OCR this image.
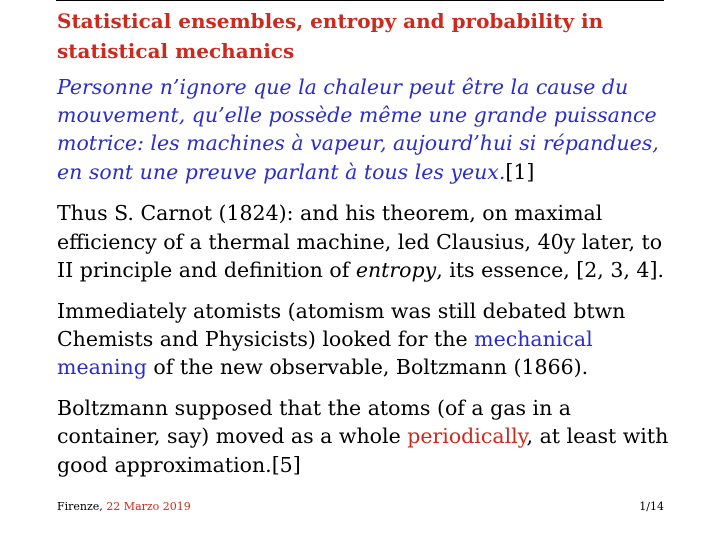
Statistical ensembles, entropy and probability in
statistical mechanics
Personne n’ignore que la chaleur peut être la cause du
mouvement, qu’elle possède même une grande puissance
motrice: les machines à vapeur, aujourd’hui si répandues,
en sont une preuve parlant à tous les yeux.[1]
Thus S. Carnot (1824): and his theorem, on maximal
efficiency of a thermal machine, led Clausius, 40y later, to
II principle and definition of entropy, its essence, [2, 3, 4].
Immediately atomists (atomism was still debated btwn
Chemists and Physicists) looked for the mechanical
meaning of the new observable, Boltzmann (1866).
Boltzmann supposed that the atoms (of a gas in a
container, say) moved as a whole periodically, at least with
good approximation.[5]
Firenze, 22 Marzo 2019	1/14
